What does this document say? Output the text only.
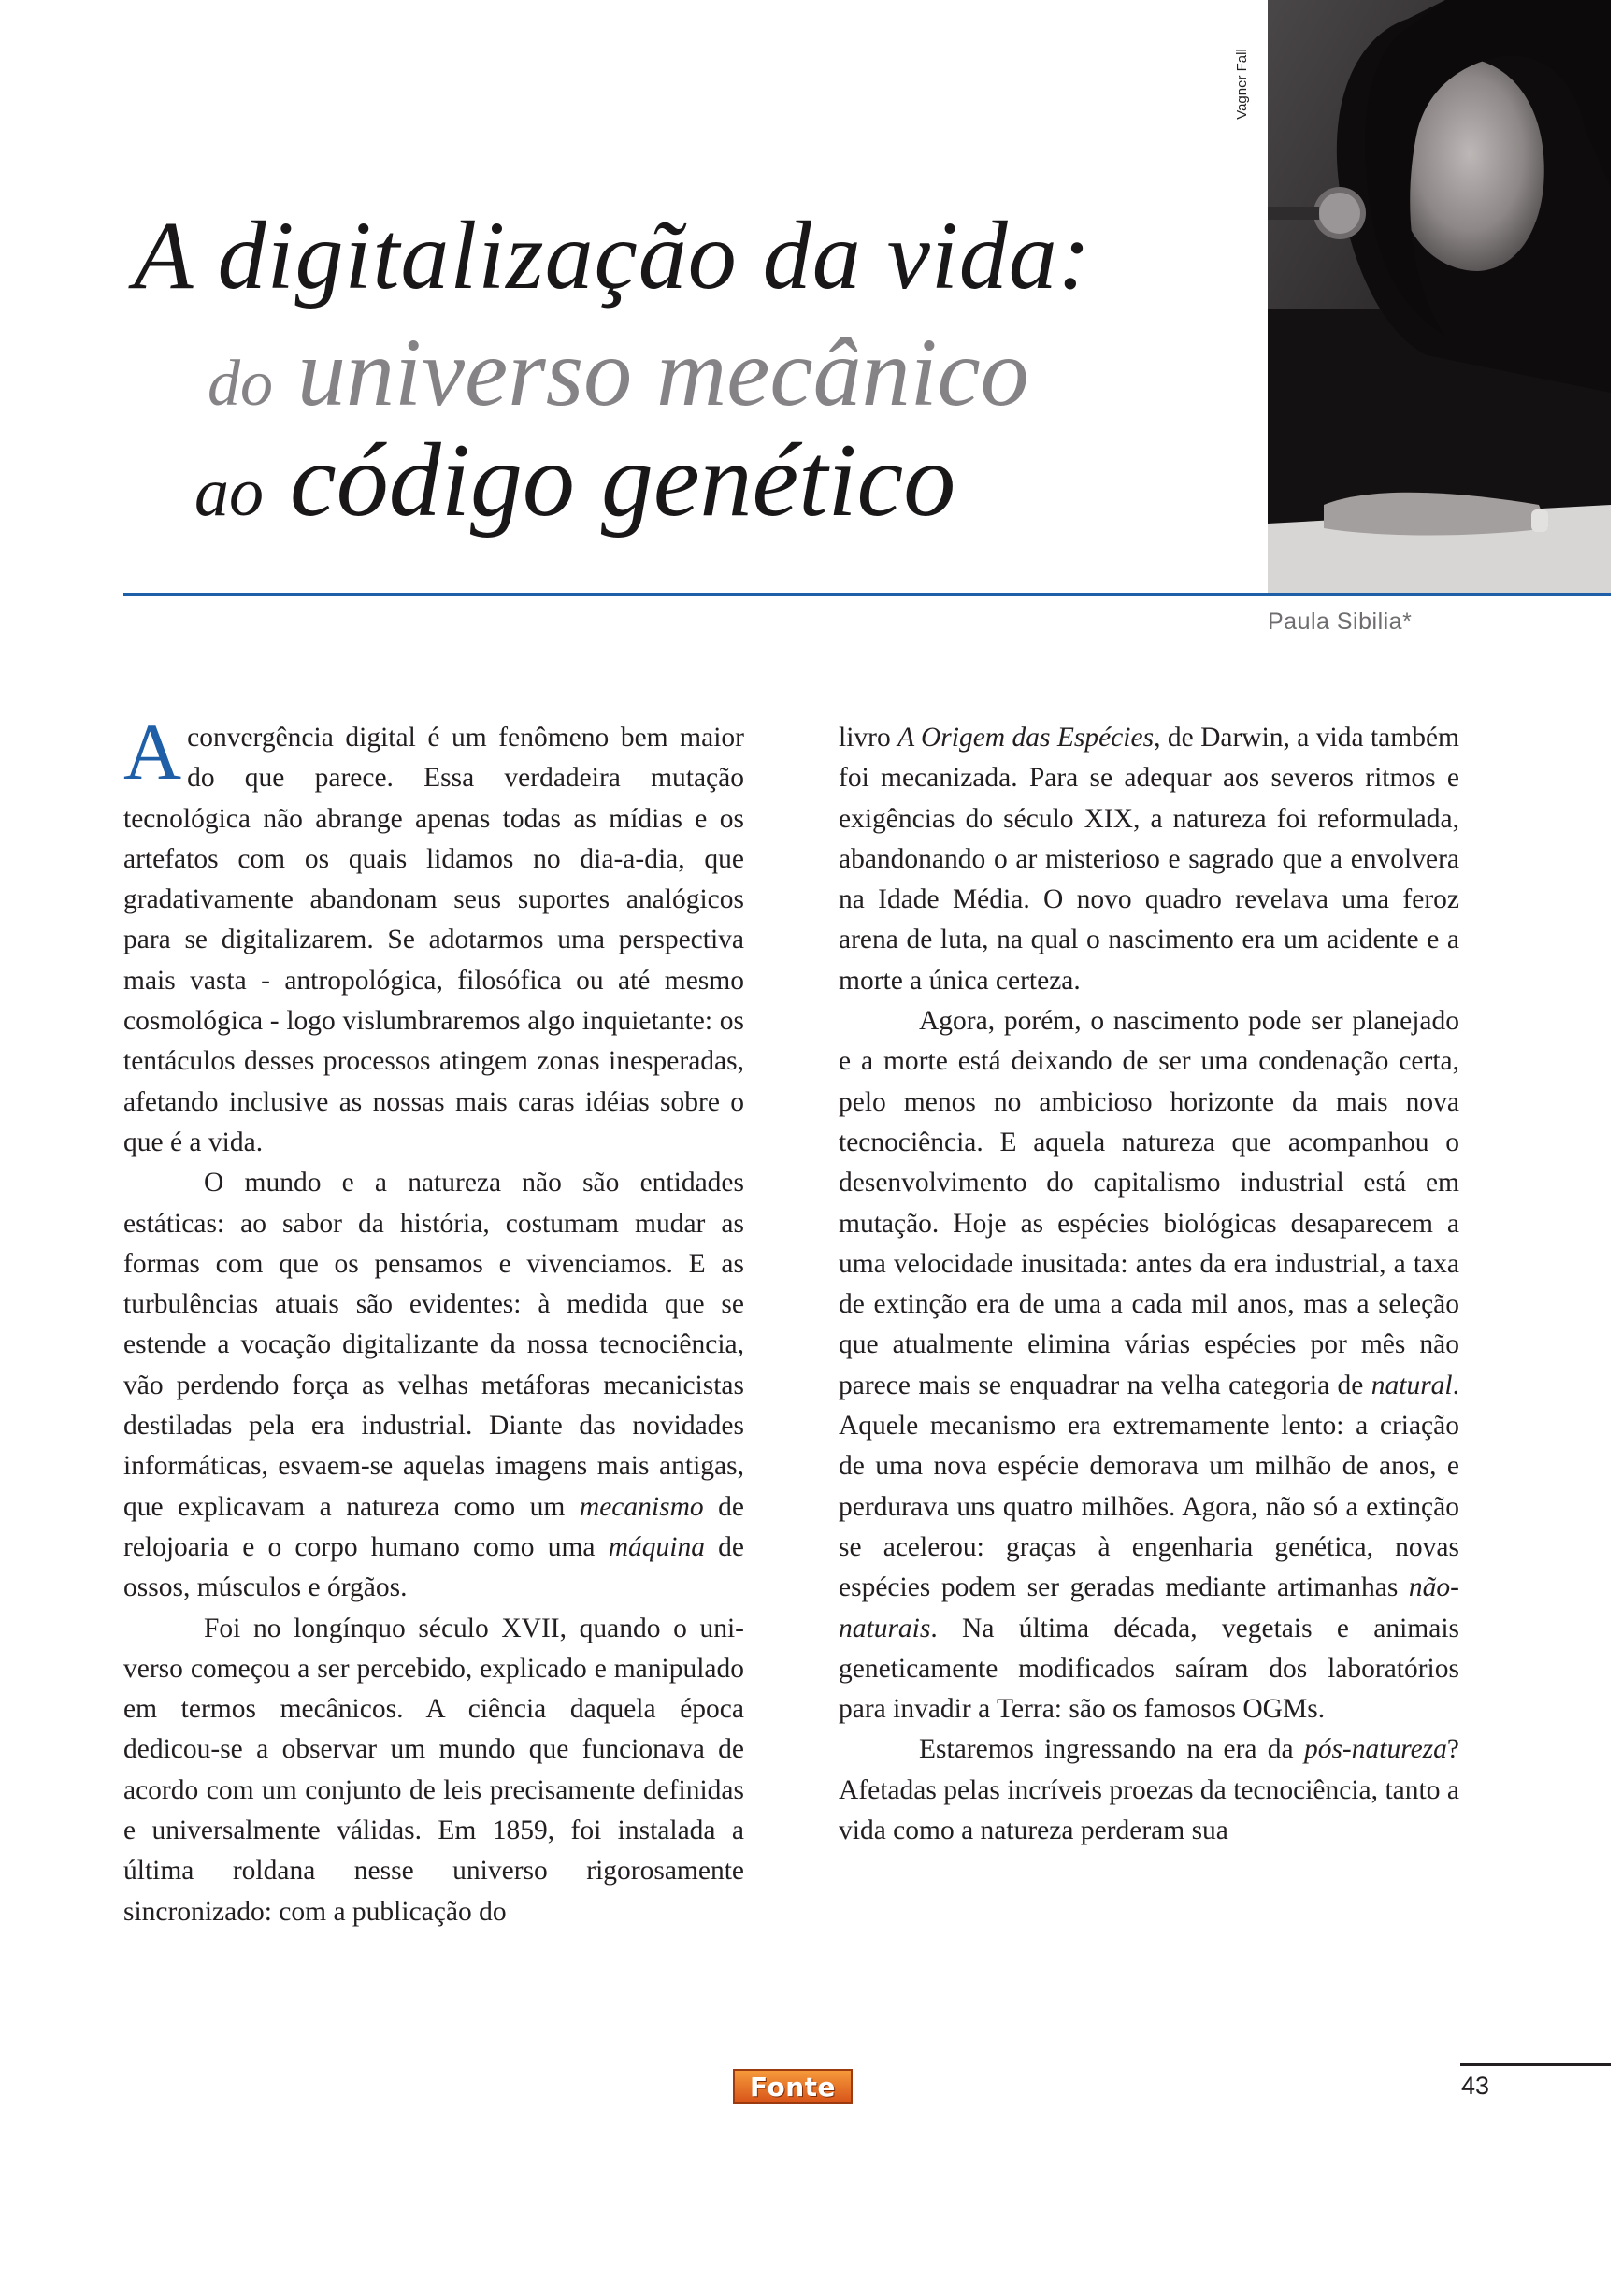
A digitalização da vida:
do universo mecânico
ao código genético
Vagner Fall
Paula Sibilia*

A convergência digital é um fenômeno bem maior do que parece. Essa verdadeira mutação tecnológica não abrange apenas todas as mídias e os artefatos com os quais lidamos no dia-a-dia, que gradativamente abandonam seus suportes analógicos para se digitalizarem. Se adotarmos uma perspectiva mais vasta - antropológica, filosófica ou até mesmo cosmológica - logo vislumbraremos algo inquietante: os tentáculos desses processos atingem zonas inesperadas, afetando inclusive as nossas mais caras idéias sobre o que é a vida.

O mundo e a natureza não são entidades estáticas: ao sabor da história, costumam mudar as formas com que os pensamos e vivenciamos. E as turbulências atuais são evidentes: à medida que se estende a vocação digitalizante da nossa tecnociência, vão perdendo força as velhas metáforas mecanicistas destiladas pela era industrial. Diante das novidades informáticas, esvaem-se aquelas imagens mais antigas, que explicavam a natureza como um mecanismo de relojoaria e o corpo humano como uma máquina de ossos, músculos e órgãos.

Foi no longínquo século XVII, quando o universo começou a ser percebido, explicado e manipulado em termos mecânicos. A ciência daquela época dedicou-se a observar um mundo que funcionava de acordo com um conjunto de leis precisamente definidas e universalmente válidas. Em 1859, foi instalada a última roldana nesse universo rigorosamente sincronizado: com a publicação do

livro A Origem das Espécies, de Darwin, a vida também foi mecanizada. Para se adequar aos severos ritmos e exigências do século XIX, a natureza foi reformulada, abandonando o ar misterioso e sagrado que a envolvera na Idade Média. O novo quadro revelava uma feroz arena de luta, na qual o nascimento era um acidente e a morte a única certeza.

Agora, porém, o nascimento pode ser planejado e a morte está deixando de ser uma condenação certa, pelo menos no ambicioso horizonte da mais nova tecnociência. E aquela natureza que acompanhou o desenvolvimento do capitalismo industrial está em mutação. Hoje as espécies biológicas desaparecem a uma velocidade inusitada: antes da era industrial, a taxa de extinção era de uma a cada mil anos, mas a seleção que atualmente elimina várias espécies por mês não parece mais se enquadrar na velha categoria de natural. Aquele mecanismo era extremamente lento: a criação de uma nova espécie demorava um milhão de anos, e perdurava uns quatro milhões. Agora, não só a extinção se acelerou: graças à engenharia genética, novas espécies podem ser geradas mediante artimanhas não-naturais. Na última década, vegetais e animais geneticamente modificados saíram dos laboratórios para invadir a Terra: são os famosos OGMs.

Estaremos ingressando na era da pós-natureza? Afetadas pelas incríveis proezas da tecnociência, tanto a vida como a natureza perderam sua

Fonte	43
